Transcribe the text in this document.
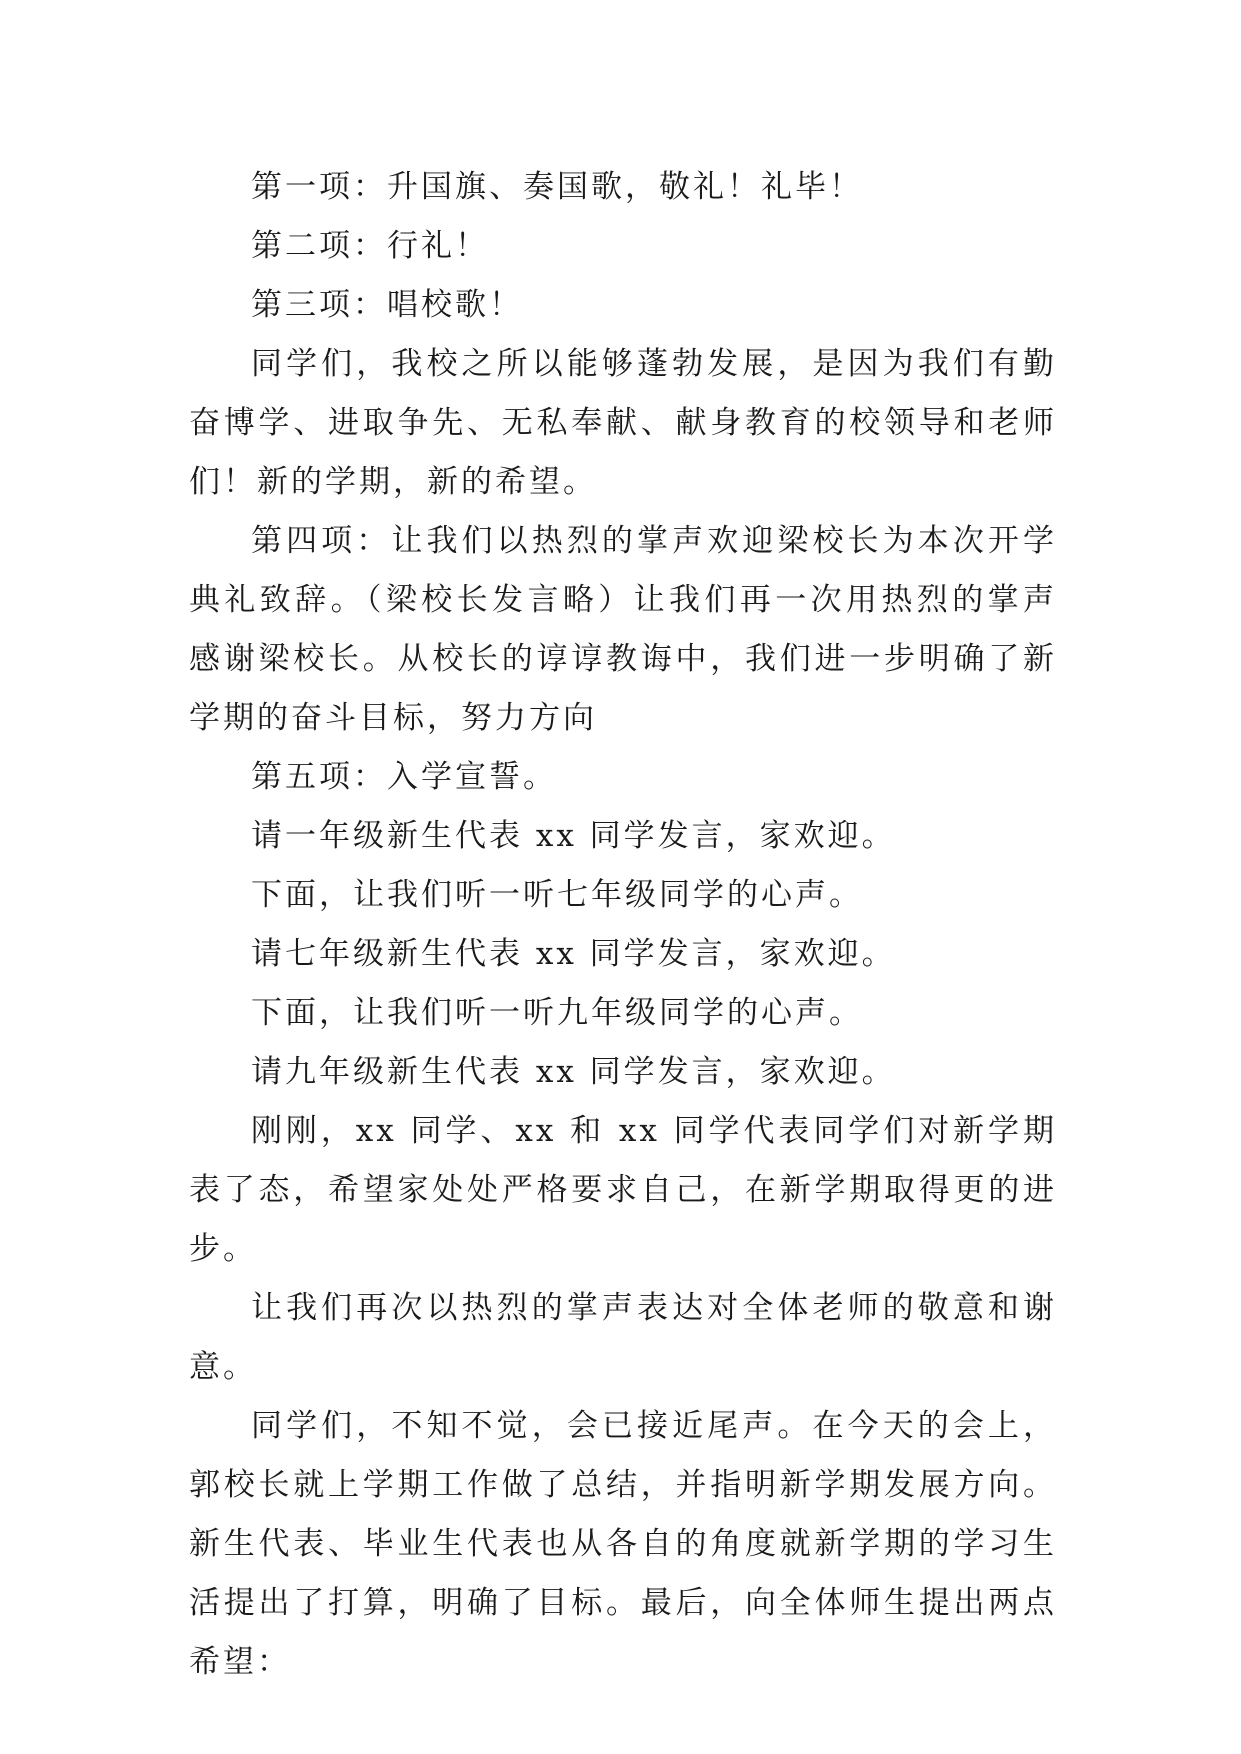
第一项：升国旗、奏国歌，敬礼！礼毕！

第二项：行礼！

第三项：唱校歌！

同学们，我校之所以能够蓬勃发展，是因为我们有勤奋博学、进取争先、无私奉献、献身教育的校领导和老师们！新的学期，新的希望。

第四项：让我们以热烈的掌声欢迎梁校长为本次开学典礼致辞。（梁校长发言略）让我们再一次用热烈的掌声感谢梁校长。从校长的谆谆教诲中，我们进一步明确了新学期的奋斗目标，努力方向

第五项：入学宣誓。

请一年级新生代表 xx 同学发言，家欢迎。

下面，让我们听一听七年级同学的心声。

请七年级新生代表 xx 同学发言，家欢迎。

下面，让我们听一听九年级同学的心声。

请九年级新生代表 xx 同学发言，家欢迎。

刚刚，xx 同学、xx 和 xx 同学代表同学们对新学期表了态，希望家处处严格要求自己，在新学期取得更的进步。

让我们再次以热烈的掌声表达对全体老师的敬意和谢意。

同学们，不知不觉，会已接近尾声。在今天的会上，郭校长就上学期工作做了总结，并指明新学期发展方向。新生代表、毕业生代表也从各自的角度就新学期的学习生活提出了打算，明确了目标。最后，向全体师生提出两点希望：
